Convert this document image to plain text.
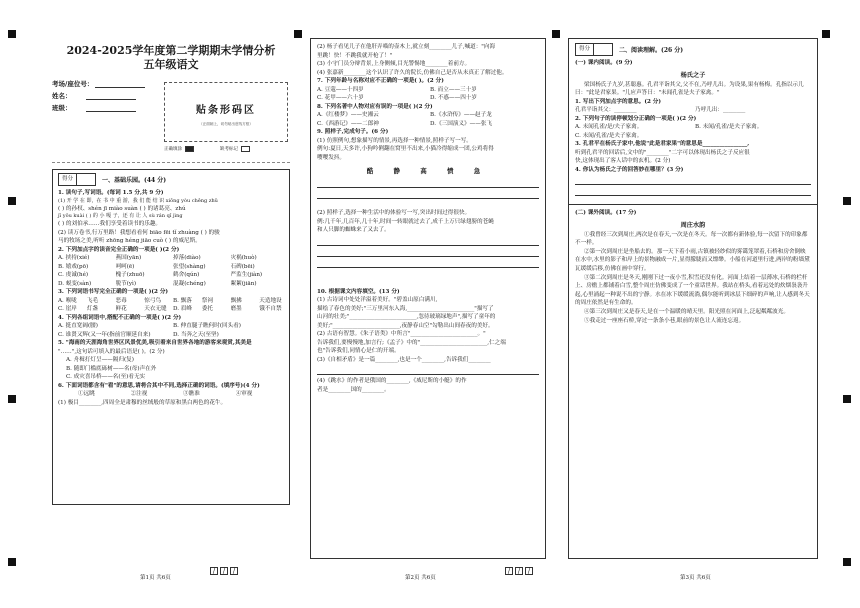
2024-2025学年度第二学期期末学情分析
五年级语文
考场/座位号：
姓名：
班级：	贴条形码区
（正面朝上，切勿贴出虚线方框）
正确填涂	缺考标记
得分	一、基础乐园。(44 分)

1. 读句子,写词语。(每词 1.5 分,共 9 分)

(1) 开 学 在 即，在 书 中 重 游，我 们 能 结 识 xiōng yòu chěng zhǔ

( ) 的孙权、shén jī miào suàn ( ) 的诸葛亮、zhú

jī yǒu kuài ( ) 的 小 嘎 子，还 有 让 人 sù rán qǐ jìng

( ) 的刘伯承……我们享受着读书的乐趣。

(2) 读万卷书,行万里路！我想看看何 biāo fēi tǐ zhuàng ( ) 的骏

马的牧场之美,听听 zhōng héng jiāo cuò ( ) 的威尼斯。

2. 下列加点字的读音完全正确的一项是( )(2 分)

A. 挟持(xié)	燕国(yān)	掉落(diào)	灾祸(huò)

B. 嬉戏(pō)	呵呵(ē)	张望(shàng)	石碑(bēi)

C. 虔诚(hé)	槐子(zhuō)	鹤舍(qún)	严监生(jiàn)

D. 蜕变(sàn)	脱节(yì)	混凝(chéng)	絮絮(jiān)

3. 下列词语书写完全正确的一项是( )(2 分)

A. 喉咙	飞毛	恶毒	惊弓鸟	B. 飘落	祭祠	飘拂	天造地设

C. 崖岸	灯盏	鲜花	天衣无缝	D. 眉峰	委托	磨墨	饿不自禁

4. 下列各组词语中,搭配不正确的一项是( )(2 分)

A. 挺直宽阔(腰)	B. 伸直腿子瞧何时(回头看)

C. 谁贤又辉(又一年(指前官顺延自来)	D. 当奔之天(至坚)

5. "海南的天涯海角世界区风景优美,吸引着来自世界各地的游客来观赏,其美是

"……",这句话可填入的最后语是( )。(2 分)

A. 舟楫打灯呈——隔归(复)

B. 随即门槛底砾树——名(母)声在外

C. 成灾喜吊桥——名(至)看无实

6. 下面词语都含有"看"的意思,请将合其中不同,选择正确的词语。(填序号)(4 分)

①远眺	②注视	③瞧准	④审视

(1) 极目________,四周全是肃穆的丝绒般的草原和黑白两色的花牛。

(2) 杨子看见儿子在他肝弄喵的壶木上,就立刻________儿子,喊道："向海

里跳！快！不跳我就开枪了！"

(3) 小守门员分辩背景,上身侧倾,目光警惕地________着前方。

(4) 张嘉新________这个认识了许久的院长,仿佛自己是否从未真正了解过他。

7. 下列年龄与名称对应不正确的一项是( )。(2 分)

A. 豆蔻——十四岁	B. 而立——三十岁

C. 花甲——六十岁	D. 不惑——四十岁

8. 下列名著中人物对应有误的一项是( )(2 分)

A.《红楼梦》——史湘云	B.《水浒传》——赵子龙

C.《西游记》——二郎神	D.《三国演义》——张飞

9. 照样子,完成句子。(6 分)

(1) 仿照例句,想象描写的情景,再选择一种情景,照样子写一写。

例句:夏日,天多许,小狗吟俐翻在窝里不出来,小猫冷得缩成一团,公鸡将得

嘤嘤发抖。

酷 静 高 愤 急

(2) 照样子,选择一种生活中的体验写一写,突出时间过得很快。

例:几千年,几百年,几十年,时间一转眼就过去了,成千上万只绿翅膀的苍蝇

和人只脚的蜘蛛来了又去了。

10. 根据课文内容填空。(13 分)

(1) 古诗词中处处洋溢着美好。"碧盖山原白满川,

描绘了春色的美好;"三万里河东入海,________________________"描写了

山河的壮美;"________________________,忽待玻璃绿地声",描写了童年的

美好;"________________________,夜静春山空"勾勒出山间春夜的美好。

(2) 古语有智慧。《朱子语类》中所言"________________________。"

告诉我们,要慢慢地,加言行;《孟子》中的"________________________,仁之端

也"告诉我们,同情心是仁的开端。

(3)《自相矛盾》是一篇________,也是一个________,告诉我们________

(4)《跳水》的作者是俄国的________,《威尼斯的小艇》的作

者是________国的________。

得分	二、阅读理解。(26 分)

(一) 课内阅读。(9 分)

杨氏之子

梁国杨氏子九岁,甚聪惠。孔君平诣其父,父不在,乃呼儿出。为设果,果有杨梅。孔指以示儿曰："此是君家果。"儿应声答曰："未闻孔雀是夫子家禽。"

1. 写出下列加点字的意思。(2 分)

孔君平诣其父：________	乃呼儿出：________

2. 下列句子的读停顿划分正确的一项是( )(2 分)

A. 未闻孔雀/是/夫子家禽。	B. 未闻/孔雀/是夫子家禽。

C. 未闻/孔雀/是夫子家禽。

3. 孔君平在杨氏子家中,他说"此是君家果"的意思是________________,

听到孔君平的回话后,文中的"________"二字可以体现出杨氏之子反应很

快,这体现出了客人话中的玄机。(2 分)

4. 你认为杨氏之子的回答妙在哪里？(3 分)

(二) 课外阅读。(17 分)

周庄水韵

①我曾经三次到周庄,两次是在春天,一次是在冬天。每一次都有新体验,每一次留下的印象都不一样。

②第一次到周庄是坐船去的。那一天下着小雨,古镇被轻纱似的雾霭笼罩着,石桥和房舍倒映在水中,水里的影子和岸上的景物融成一片,显得朦胧而又缥缈。小船在河道里行进,两岸的粉墙黛瓦缓缓后移,仿佛在画中穿行。

③第二次到周庄是冬天,刚刚下过一夜小雪,积雪还没有化。河面上结着一层薄冰,石桥的栏杆上、房檐上都铺着白雪,整个周庄仿佛变成了一个童话世界。我站在桥头,看着远处的炊烟袅袅升起,心里涌起一种说不出的宁静。水在冰下缓缓流淌,偶尔能听到冰层下细碎的声响,让人感到冬天的周庄依然是有生命的。

④第三次到周庄又是春天,是在一个温暖的晴天里。阳光照在河面上,泛起粼粼波光。

⑤我走过一座座石桥,穿过一条条小巷,眼前的景色让人流连忘返。

/	/	/	/	/	/
第1页 共6页	第2页 共6页	第3页 共6页
